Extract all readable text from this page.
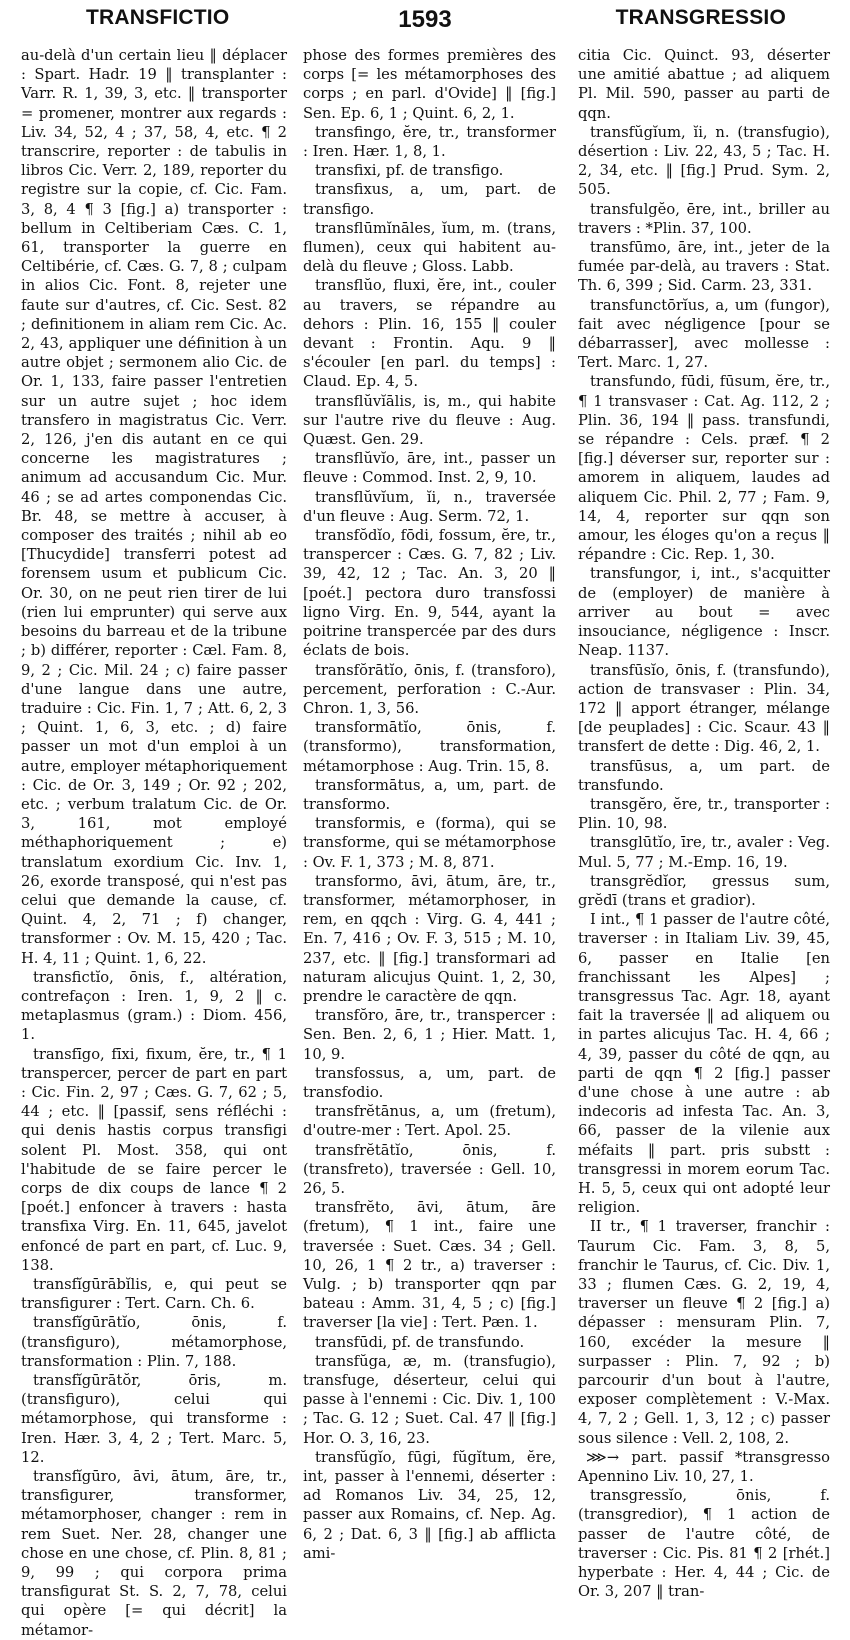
TRANSFICTIO	1593	TRANSGRESSIO

au-delà d'un certain lieu ‖ déplacer : Spart. Hadr. 19 ‖ transplanter : Varr. R. 1, 39, 3, etc. ‖ transporter = promener, montrer aux regards : Liv. 34, 52, 4 ; 37, 58, 4, etc. ¶ 2 transcrire, reporter : de tabulis in libros Cic. Verr. 2, 189, reporter du registre sur la copie, cf. Cic. Fam. 3, 8, 4 ¶ 3 [fig.] a) transporter : bellum in Celtiberiam Cæs. C. 1, 61, transporter la guerre en Celtibérie, cf. Cæs. G. 7, 8 ; culpam in alios Cic. Font. 8, rejeter une faute sur d'autres, cf. Cic. Sest. 82 ; definitionem in aliam rem Cic. Ac. 2, 43, appliquer une définition à un autre objet ; sermonem alio Cic. de Or. 1, 133, faire passer l'entretien sur un autre sujet ; hoc idem transfero in magistratus Cic. Verr. 2, 126, j'en dis autant en ce qui concerne les magistratures ; animum ad accusandum Cic. Mur. 46 ; se ad artes componendas Cic. Br. 48, se mettre à accuser, à composer des traités ; nihil ab eo [Thucydide] transferri potest ad forensem usum et publicum Cic. Or. 30, on ne peut rien tirer de lui (rien lui emprunter) qui serve aux besoins du barreau et de la tribune ; b) différer, reporter : Cæl. Fam. 8, 9, 2 ; Cic. Mil. 24 ; c) faire passer d'une langue dans une autre, traduire : Cic. Fin. 1, 7 ; Att. 6, 2, 3 ; Quint. 1, 6, 3, etc. ; d) faire passer un mot d'un emploi à un autre, employer métaphoriquement : Cic. de Or. 3, 149 ; Or. 92 ; 202, etc. ; verbum tralatum Cic. de Or. 3, 161, mot employé méthaphoriquement ; e) translatum exordium Cic. Inv. 1, 26, exorde transposé, qui n'est pas celui que demande la cause, cf. Quint. 4, 2, 71 ; f) changer, transformer : Ov. M. 15, 420 ; Tac. H. 4, 11 ; Quint. 1, 6, 22.

transfictĭo, ōnis, f., altération, contrefaçon : Iren. 1, 9, 2 ‖ c. metaplasmus (gram.) : Diom. 456, 1.

transfīgo, fīxi, fixum, ĕre, tr., ¶ 1 transpercer, percer de part en part : Cic. Fin. 2, 97 ; Cæs. G. 7, 62 ; 5, 44 ; etc. ‖ [passif, sens réfléchi : qui denis hastis corpus transfigi solent Pl. Most. 358, qui ont l'habitude de se faire percer le corps de dix coups de lance ¶ 2 [poét.] enfoncer à travers : hasta transfixa Virg. En. 11, 645, javelot enfoncé de part en part, cf. Luc. 9, 138.

transfĭgūrābĭlis, e, qui peut se transfigurer : Tert. Carn. Ch. 6.

transfĭgūrātĭo, ōnis, f. (transfiguro), métamorphose, transformation : Plin. 7, 188.

transfĭgūrātŏr, ōris, m. (transfiguro), celui qui métamorphose, qui transforme : Iren. Hær. 3, 4, 2 ; Tert. Marc. 5, 12.

transfĭgūro, āvi, ātum, āre, tr., transfigurer, transformer, métamorphoser, changer : rem in rem Suet. Ner. 28, changer une chose en une chose, cf. Plin. 8, 81 ; 9, 99 ; qui corpora prima transfigurat St. S. 2, 7, 78, celui qui opère [= qui décrit] la métamor-

phose des formes premières des corps [= les métamorphoses des corps ; en parl. d'Ovide] ‖ [fig.] Sen. Ep. 6, 1 ; Quint. 6, 2, 1.

transfingo, ĕre, tr., transformer : Iren. Hær. 1, 8, 1.

transfixi, pf. de transfigo.

transfixus, a, um, part. de transfigo.

transflūmĭnāles, ĭum, m. (trans, flumen), ceux qui habitent au-delà du fleuve ; Gloss. Labb.

transflŭo, fluxi, ĕre, int., couler au travers, se répandre au dehors : Plin. 16, 155 ‖ couler devant : Frontin. Aqu. 9 ‖ s'écouler [en parl. du temps] : Claud. Ep. 4, 5.

transflŭvĭālis, is, m., qui habite sur l'autre rive du fleuve : Aug. Quæst. Gen. 29.

transflŭvĭo, āre, int., passer un fleuve : Commod. Inst. 2, 9, 10.

transflŭvĭum, ĭi, n., traversée d'un fleuve : Aug. Serm. 72, 1.

transfŏdĭo, fōdi, fossum, ĕre, tr., transpercer : Cæs. G. 7, 82 ; Liv. 39, 42, 12 ; Tac. An. 3, 20 ‖ [poét.] pectora duro transfossi ligno Virg. En. 9, 544, ayant la poitrine transpercée par des durs éclats de bois.

transfŏrātĭo, ōnis, f. (transforo), percement, perforation : C.-Aur. Chron. 1, 3, 56.

transformātĭo, ōnis, f. (transformo), transformation, métamorphose : Aug. Trin. 15, 8.

transformātus, a, um, part. de transformo.

transformis, e (forma), qui se transforme, qui se métamorphose : Ov. F. 1, 373 ; M. 8, 871.

transformo, āvi, ātum, āre, tr., transformer, métamorphoser, in rem, en qqch : Virg. G. 4, 441 ; En. 7, 416 ; Ov. F. 3, 515 ; M. 10, 237, etc. ‖ [fig.] transformari ad naturam alicujus Quint. 1, 2, 30, prendre le caractère de qqn.

transfŏro, āre, tr., transpercer : Sen. Ben. 2, 6, 1 ; Hier. Matt. 1, 10, 9.

transfossus, a, um, part. de transfodio.

transfrĕtānus, a, um (fretum), d'outre-mer : Tert. Apol. 25.

transfrĕtātĭo, ōnis, f. (transfreto), traversée : Gell. 10, 26, 5.

transfrĕto, āvi, ātum, āre (fretum), ¶ 1 int., faire une traversée : Suet. Cæs. 34 ; Gell. 10, 26, 1 ¶ 2 tr., a) traverser : Vulg. ; b) transporter qqn par bateau : Amm. 31, 4, 5 ; c) [fig.] traverser [la vie] : Tert. Pæn. 1.

transfūdi, pf. de transfundo.

transfŭga, æ, m. (transfugio), transfuge, déserteur, celui qui passe à l'ennemi : Cic. Div. 1, 100 ; Tac. G. 12 ; Suet. Cal. 47 ‖ [fig.] Hor. O. 3, 16, 23.

transfŭgĭo, fūgi, fŭgĭtum, ĕre, int, passer à l'ennemi, déserter : ad Romanos Liv. 34, 25, 12, passer aux Romains, cf. Nep. Ag. 6, 2 ; Dat. 6, 3 ‖ [fig.] ab afflicta ami-

citia Cic. Quinct. 93, déserter une amitié abattue ; ad aliquem Pl. Mil. 590, passer au parti de qqn.

transfŭgĭum, ĭi, n. (transfugio), désertion : Liv. 22, 43, 5 ; Tac. H. 2, 34, etc. ‖ [fig.] Prud. Sym. 2, 505.

transfulgĕo, ēre, int., briller au travers : *Plin. 37, 100.

transfūmo, āre, int., jeter de la fumée par-delà, au travers : Stat. Th. 6, 399 ; Sid. Carm. 23, 331.

transfunctōrĭus, a, um (fungor), fait avec négligence [pour se débarrasser], avec mollesse : Tert. Marc. 1, 27.

transfundo, fūdi, fūsum, ĕre, tr., ¶ 1 transvaser : Cat. Ag. 112, 2 ; Plin. 36, 194 ‖ pass. transfundi, se répandre : Cels. præf. ¶ 2 [fig.] déverser sur, reporter sur : amorem in aliquem, laudes ad aliquem Cic. Phil. 2, 77 ; Fam. 9, 14, 4, reporter sur qqn son amour, les éloges qu'on a reçus ‖ répandre : Cic. Rep. 1, 30.

transfungor, i, int., s'acquitter de (employer) de manière à arriver au bout = avec insouciance, négligence : Inscr. Neap. 1137.

transfūsĭo, ōnis, f. (transfundo), action de transvaser : Plin. 34, 172 ‖ apport étranger, mélange [de peuplades] : Cic. Scaur. 43 ‖ transfert de dette : Dig. 46, 2, 1.

transfūsus, a, um part. de transfundo.

transgĕro, ĕre, tr., transporter : Plin. 10, 98.

transglūtĭo, īre, tr., avaler : Veg. Mul. 5, 77 ; M.-Emp. 16, 19.

transgrĕdĭor, gressus sum, grĕdī (trans et gradior).

I int., ¶ 1 passer de l'autre côté, traverser : in Italiam Liv. 39, 45, 6, passer en Italie [en franchissant les Alpes] ; transgressus Tac. Agr. 18, ayant fait la traversée ‖ ad aliquem ou in partes alicujus Tac. H. 4, 66 ; 4, 39, passer du côté de qqn, au parti de qqn ¶ 2 [fig.] passer d'une chose à une autre : ab indecoris ad infesta Tac. An. 3, 66, passer de la vilenie aux méfaits ‖ part. pris substt : transgressi in morem eorum Tac. H. 5, 5, ceux qui ont adopté leur religion.

II tr., ¶ 1 traverser, franchir : Taurum Cic. Fam. 3, 8, 5, franchir le Taurus, cf. Cic. Div. 1, 33 ; flumen Cæs. G. 2, 19, 4, traverser un fleuve ¶ 2 [fig.] a) dépasser : mensuram Plin. 7, 160, excéder la mesure ‖ surpasser : Plin. 7, 92 ; b) parcourir d'un bout à l'autre, exposer complètement : V.-Max. 4, 7, 2 ; Gell. 1, 3, 12 ; c) passer sous silence : Vell. 2, 108, 2.

⋙→ part. passif *transgresso Apennino Liv. 10, 27, 1.

transgressĭo, ōnis, f. (transgredior), ¶ 1 action de passer de l'autre côté, de traverser : Cic. Pis. 81 ¶ 2 [rhét.] hyperbate : Her. 4, 44 ; Cic. de Or. 3, 207 ‖ tran-
